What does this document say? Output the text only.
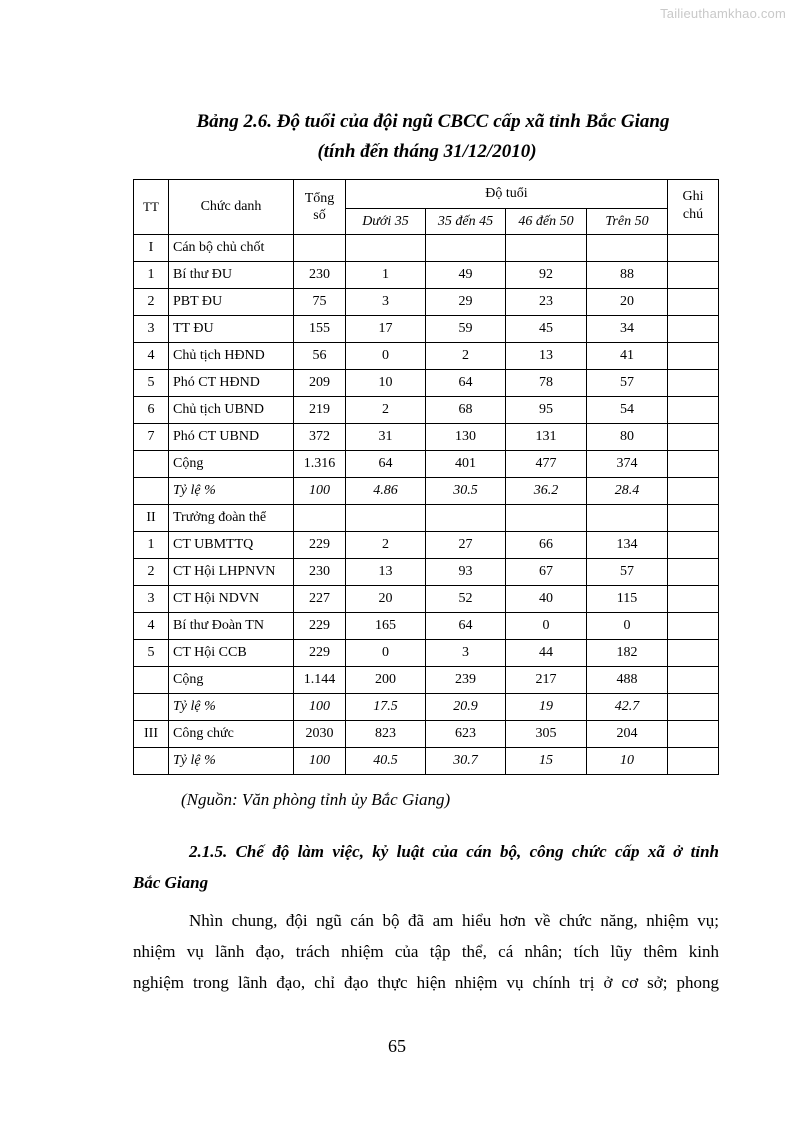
Tailieuthamkhao.com
Bảng 2.6. Độ tuổi của đội ngũ CBCC cấp xã tỉnh Bắc Giang
(tính đến tháng 31/12/2010)
TT	Chức danh	Tổng số	Độ tuổi				Ghi chú
			Dưới 35	35 đến 45	46 đến 50	Trên 50	
I	Cán bộ chủ chốt						
1	Bí thư ĐU	230	1	49	92	88	
2	PBT ĐU	75	3	29	23	20	
3	TT ĐU	155	17	59	45	34	
4	Chủ tịch HĐND	56	0	2	13	41	
5	Phó CT HĐND	209	10	64	78	57	
6	Chủ tịch UBND	219	2	68	95	54	
7	Phó CT UBND	372	31	130	131	80	
	Cộng	1.316	64	401	477	374	
	Tỷ lệ %	100	4.86	30.5	36.2	28.4	
II	Trưởng đoàn thể						
1	CT UBMTTQ	229	2	27	66	134	
2	CT Hội LHPNVN	230	13	93	67	57	
3	CT Hội NDVN	227	20	52	40	115	
4	Bí thư Đoàn TN	229	165	64	0	0	
5	CT Hội CCB	229	0	3	44	182	
	Cộng	1.144	200	239	217	488	
	Tỷ lệ %	100	17.5	20.9	19	42.7	
III	Công chức	2030	823	623	305	204	
	Tỷ lệ %	100	40.5	30.7	15	10	
(Nguồn: Văn phòng tỉnh ủy Bắc Giang)
2.1.5. Chế độ làm việc, kỷ luật của cán bộ, công chức cấp xã ở tỉnh
Bắc Giang
Nhìn chung, đội ngũ cán bộ đã am hiểu hơn về chức năng, nhiệm vụ;
nhiệm vụ lãnh đạo, trách nhiệm của tập thể, cá nhân; tích lũy thêm kinh
nghiệm trong lãnh đạo, chỉ đạo thực hiện nhiệm vụ chính trị ở cơ sở; phong
65
